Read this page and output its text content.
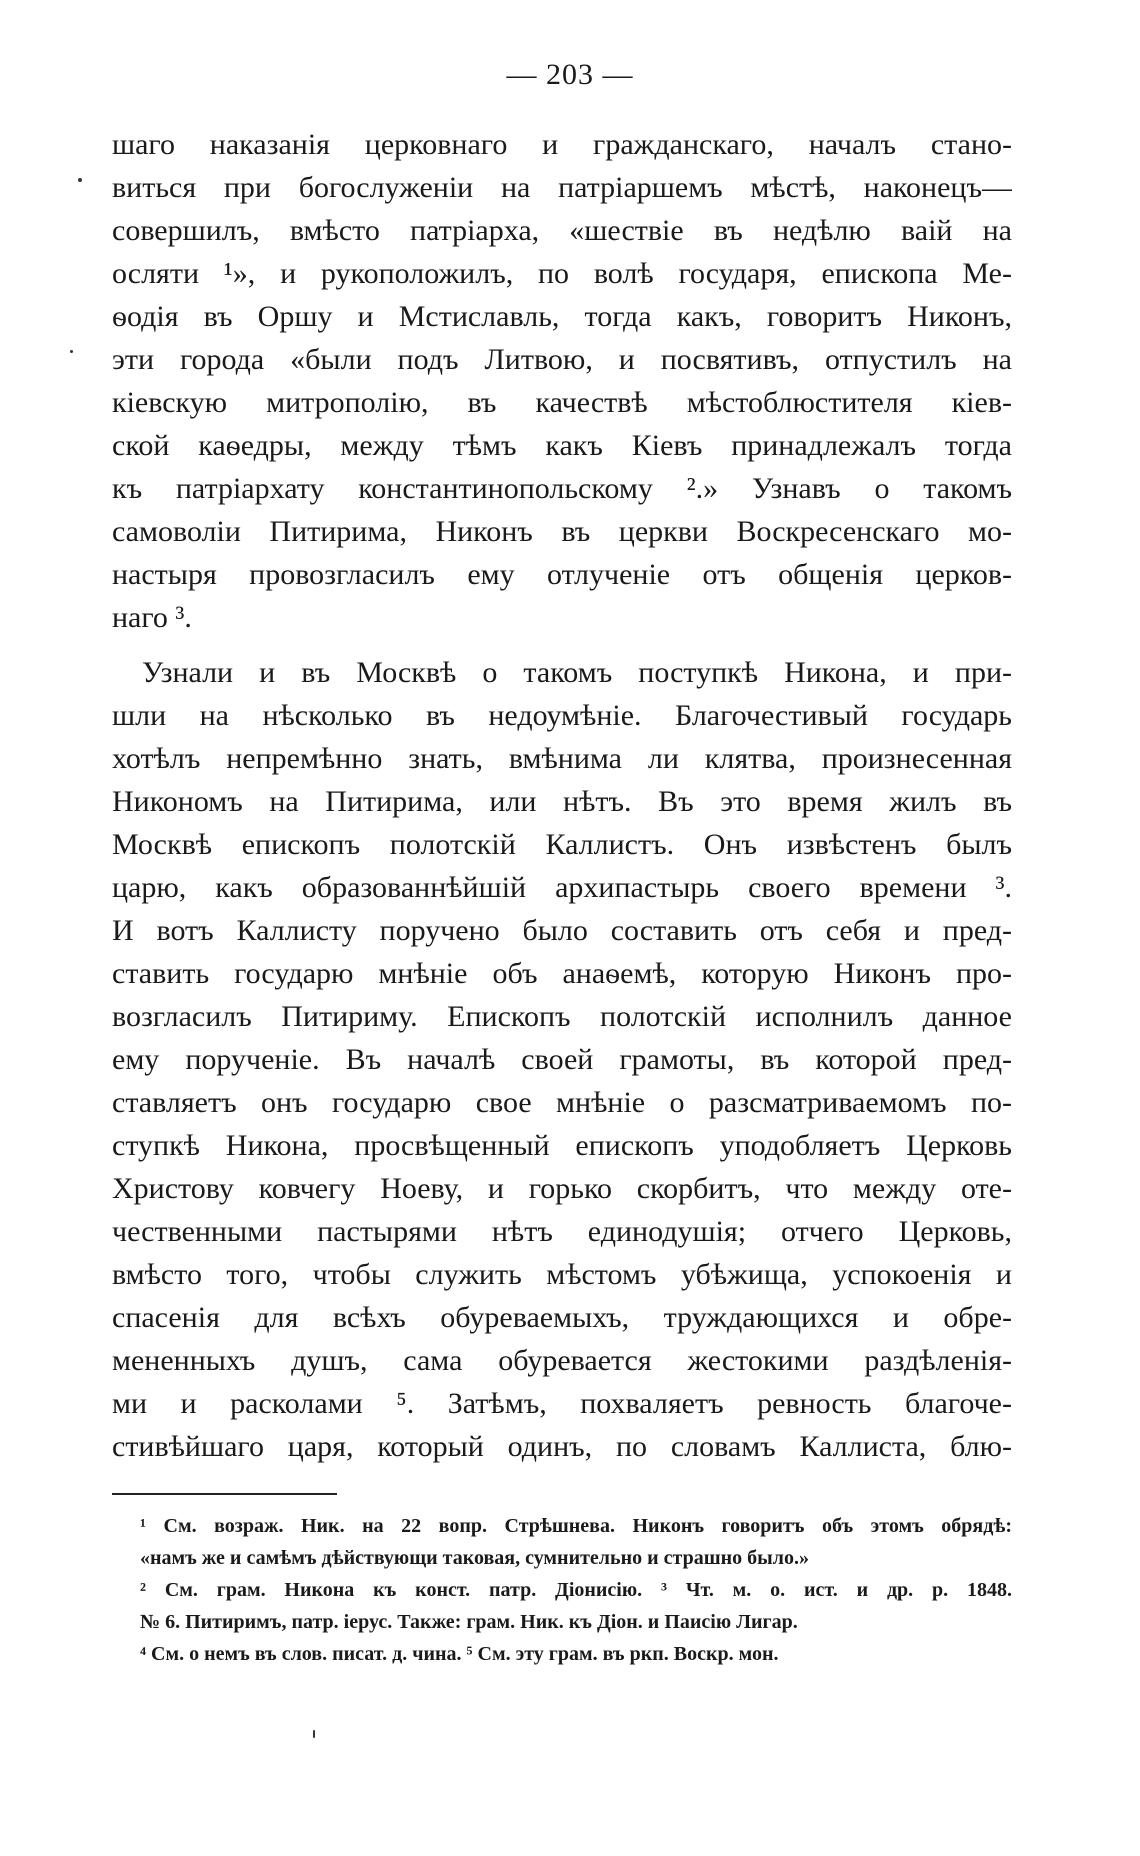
— 203 —
шаго наказанія церковнаго и гражданскаго, началъ стано-
виться при богослуженіи на патріаршемъ мѣстѣ, наконецъ—
совершилъ, вмѣсто патріарха, «шествіе въ недѣлю ваій на
осляти ¹», и рукоположилъ, по волѣ государя, епископа Ме-
ѳодія въ Оршу и Мстиславль, тогда какъ, говоритъ Никонъ,
эти города «были подъ Литвою, и посвятивъ, отпустилъ на
кіевскую митрополію, въ качествѣ мѣстоблюстителя кіев-
ской каѳедры, между тѣмъ какъ Кіевъ принадлежалъ тогда
къ патріархату константинопольскому ².» Узнавъ о такомъ
самоволіи Питирима, Никонъ въ церкви Воскресенскаго мо-
настыря провозгласилъ ему отлученіе отъ общенія церков-
наго ³.
Узнали и въ Москвѣ о такомъ поступкѣ Никона, и при-
шли на нѣсколько въ недоумѣніе. Благочестивый государь
хотѣлъ непремѣнно знать, вмѣнима ли клятва, произнесенная
Никономъ на Питирима, или нѣтъ. Въ это время жилъ въ
Москвѣ епископъ полотскій Каллистъ. Онъ извѣстенъ былъ
царю, какъ образованнѣйшій архипастырь своего времени ³.
И вотъ Каллисту поручено было составить отъ себя и пред-
ставить государю мнѣніе объ анаѳемѣ, которую Никонъ про-
возгласилъ Питириму. Епископъ полотскій исполнилъ данное
ему порученіе. Въ началѣ своей грамоты, въ которой пред-
ставляетъ онъ государю свое мнѣніе о разсматриваемомъ по-
ступкѣ Никона, просвѣщенный епископъ уподобляетъ Церковь
Христову ковчегу Ноеву, и горько скорбитъ, что между оте-
чественными пастырями нѣтъ единодушія; отчего Церковь,
вмѣсто того, чтобы служить мѣстомъ убѣжища, успокоенія и
спасенія для всѣхъ обуреваемыхъ, труждающихся и обре-
мененныхъ душъ, сама обуревается жестокими раздѣленія-
ми и расколами ⁵. Затѣмъ, похваляетъ ревность благоче-
стивѣйшаго царя, который одинъ, по словамъ Каллиста, блю-
¹ См. возраж. Ник. на 22 вопр. Стрѣшнева. Никонъ говоритъ объ этомъ обрядѣ:
«намъ же и самѣмъ дѣйствующи таковая, сумнительно и страшно было.»
² См. грам. Никона къ конст. патр. Діонисію. ³ Чт. м. о. ист. и др. р. 1848.
№ 6. Питиримъ, патр. іерус. Также: грам. Ник. къ Діон. и Паисію Лигар.
⁴ См. о немъ въ слов. писат. д. чина. ⁵ См. эту грам. въ ркп. Воскр. мон.
